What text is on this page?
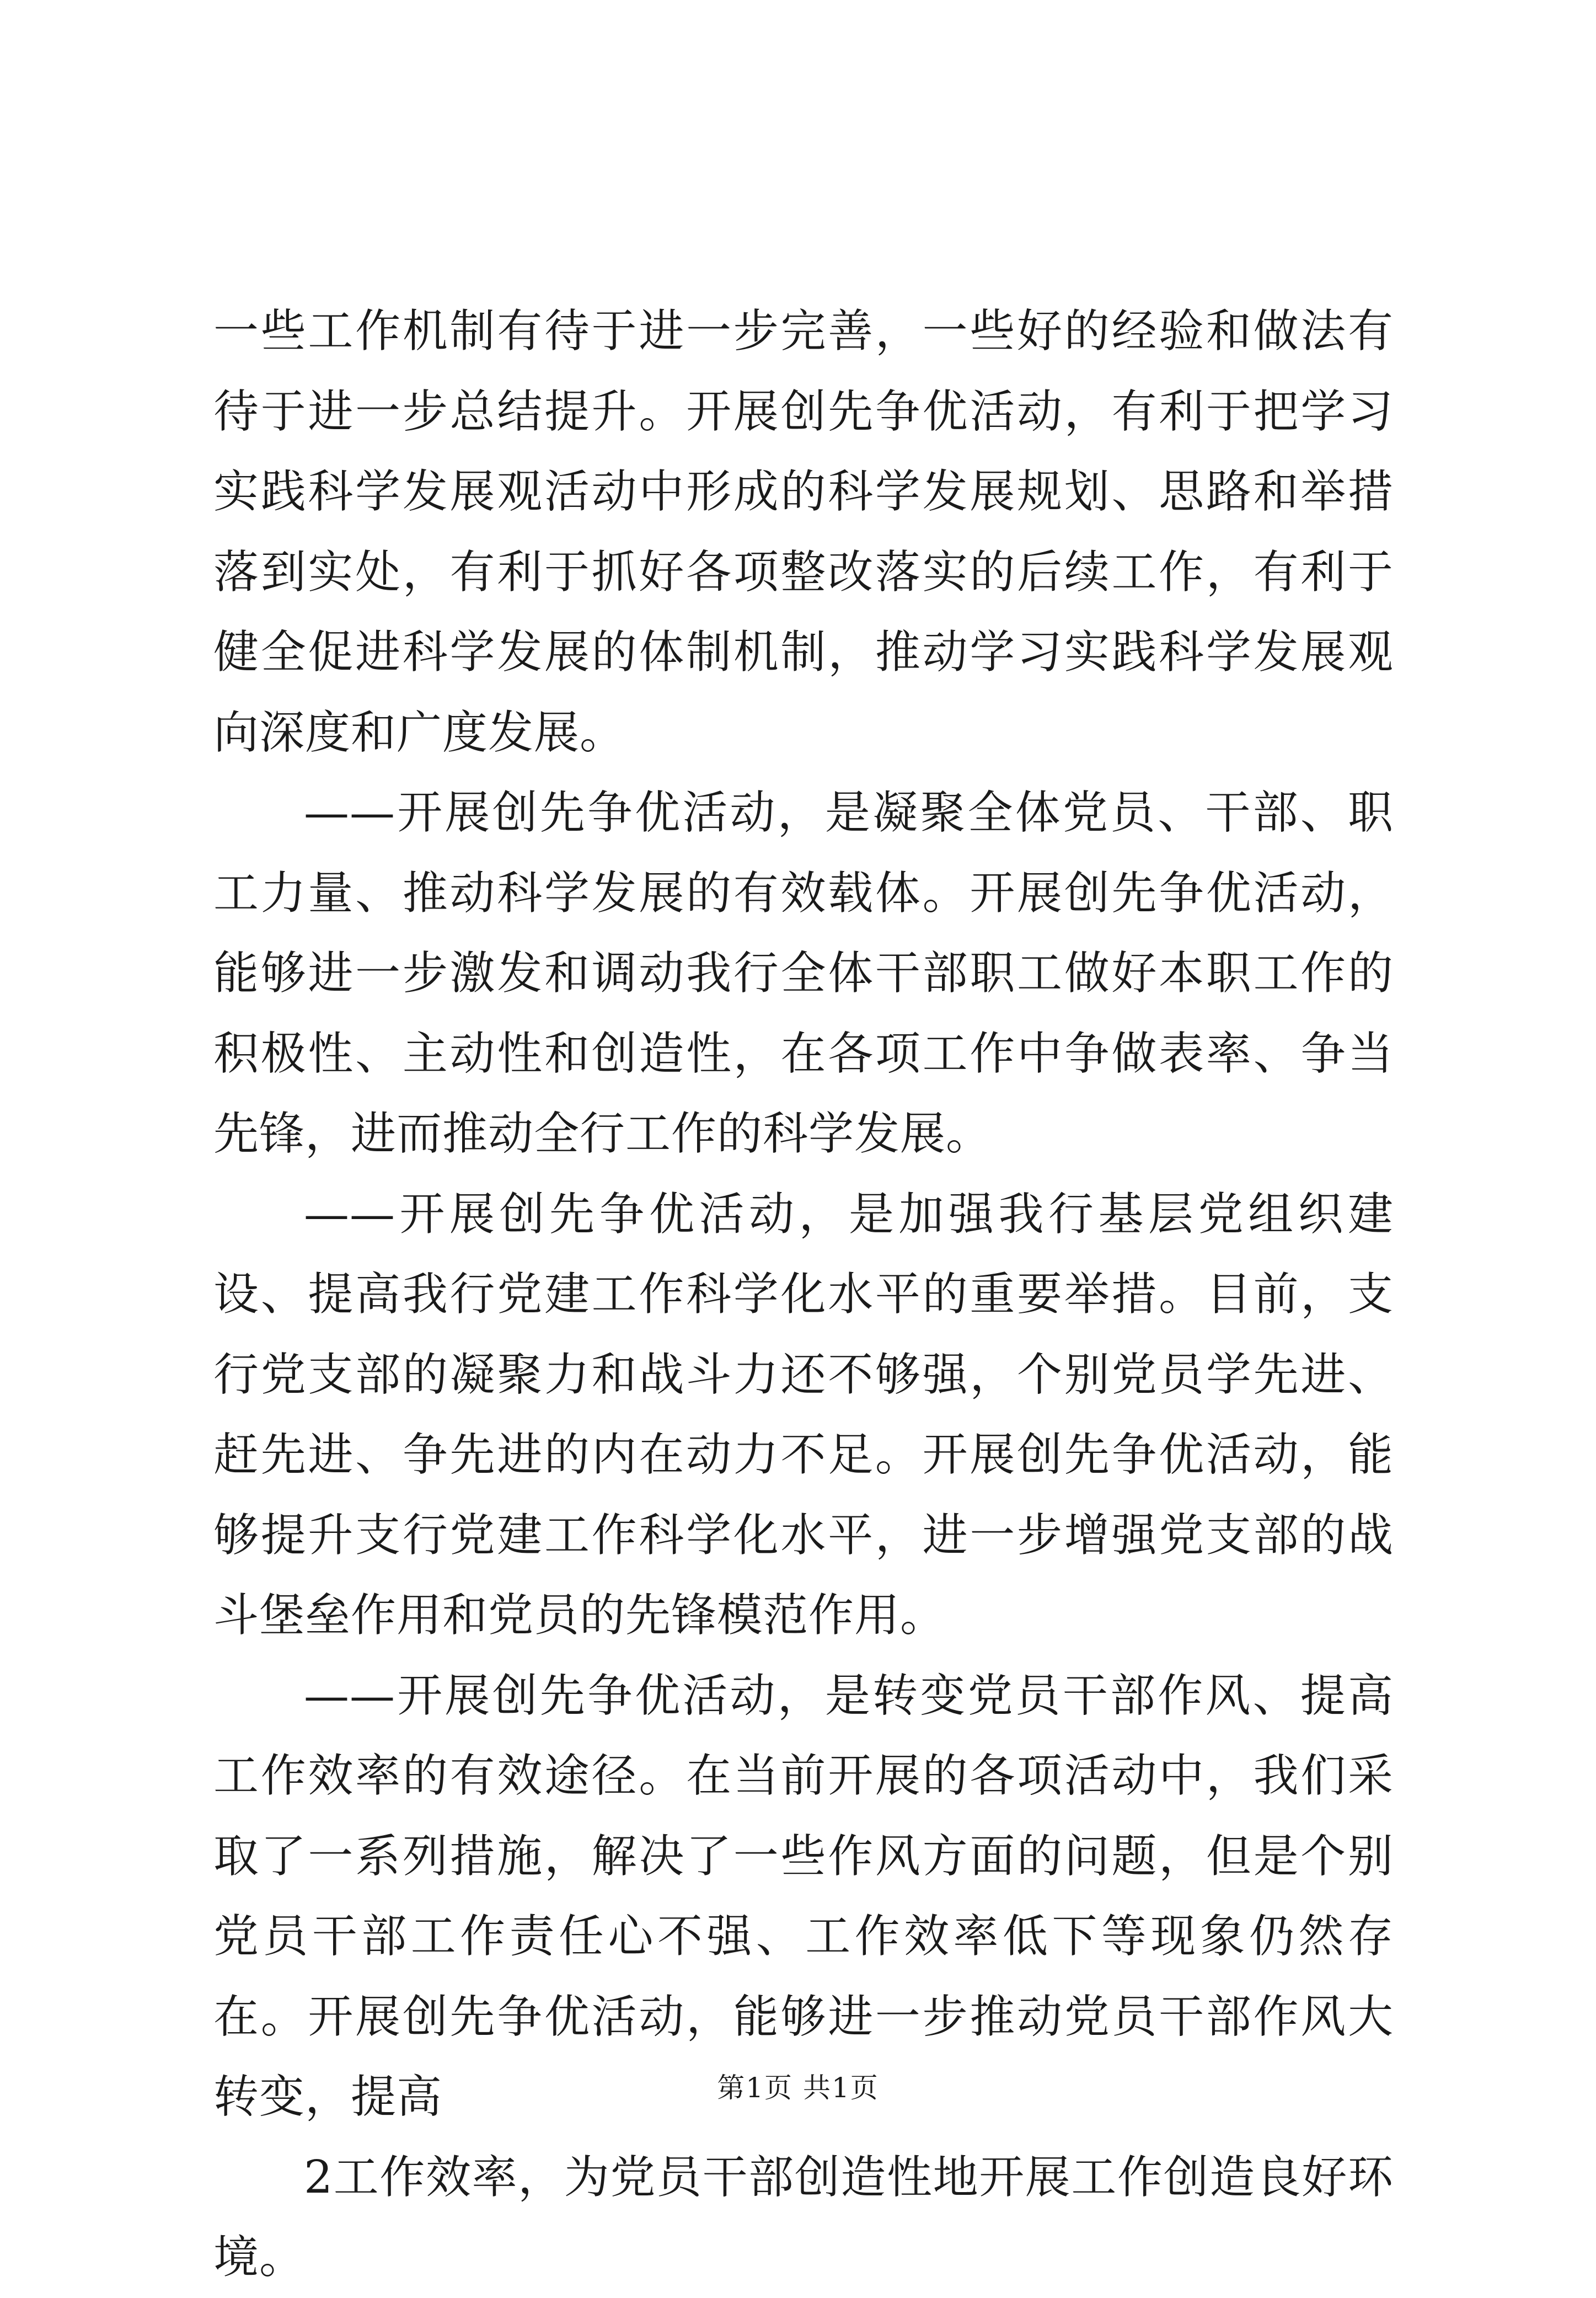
一些工作机制有待于进一步完善，一些好的经验和做法有待于进一步总结提升。开展创先争优活动，有利于把学习实践科学发展观活动中形成的科学发展规划、思路和举措落到实处，有利于抓好各项整改落实的后续工作，有利于健全促进科学发展的体制机制，推动学习实践科学发展观向深度和广度发展。

——开展创先争优活动，是凝聚全体党员、干部、职工力量、推动科学发展的有效载体。开展创先争优活动，能够进一步激发和调动我行全体干部职工做好本职工作的积极性、主动性和创造性，在各项工作中争做表率、争当先锋，进而推动全行工作的科学发展。

——开展创先争优活动，是加强我行基层党组织建设、提高我行党建工作科学化水平的重要举措。目前，支行党支部的凝聚力和战斗力还不够强，个别党员学先进、赶先进、争先进的内在动力不足。开展创先争优活动，能够提升支行党建工作科学化水平，进一步增强党支部的战斗堡垒作用和党员的先锋模范作用。

——开展创先争优活动，是转变党员干部作风、提高工作效率的有效途径。在当前开展的各项活动中，我们采取了一系列措施，解决了一些作风方面的问题，但是个别党员干部工作责任心不强、工作效率低下等现象仍然存在。开展创先争优活动，能够进一步推动党员干部作风大转变，提高

2工作效率，为党员干部创造性地开展工作创造良好环境。

第1页 共1页
